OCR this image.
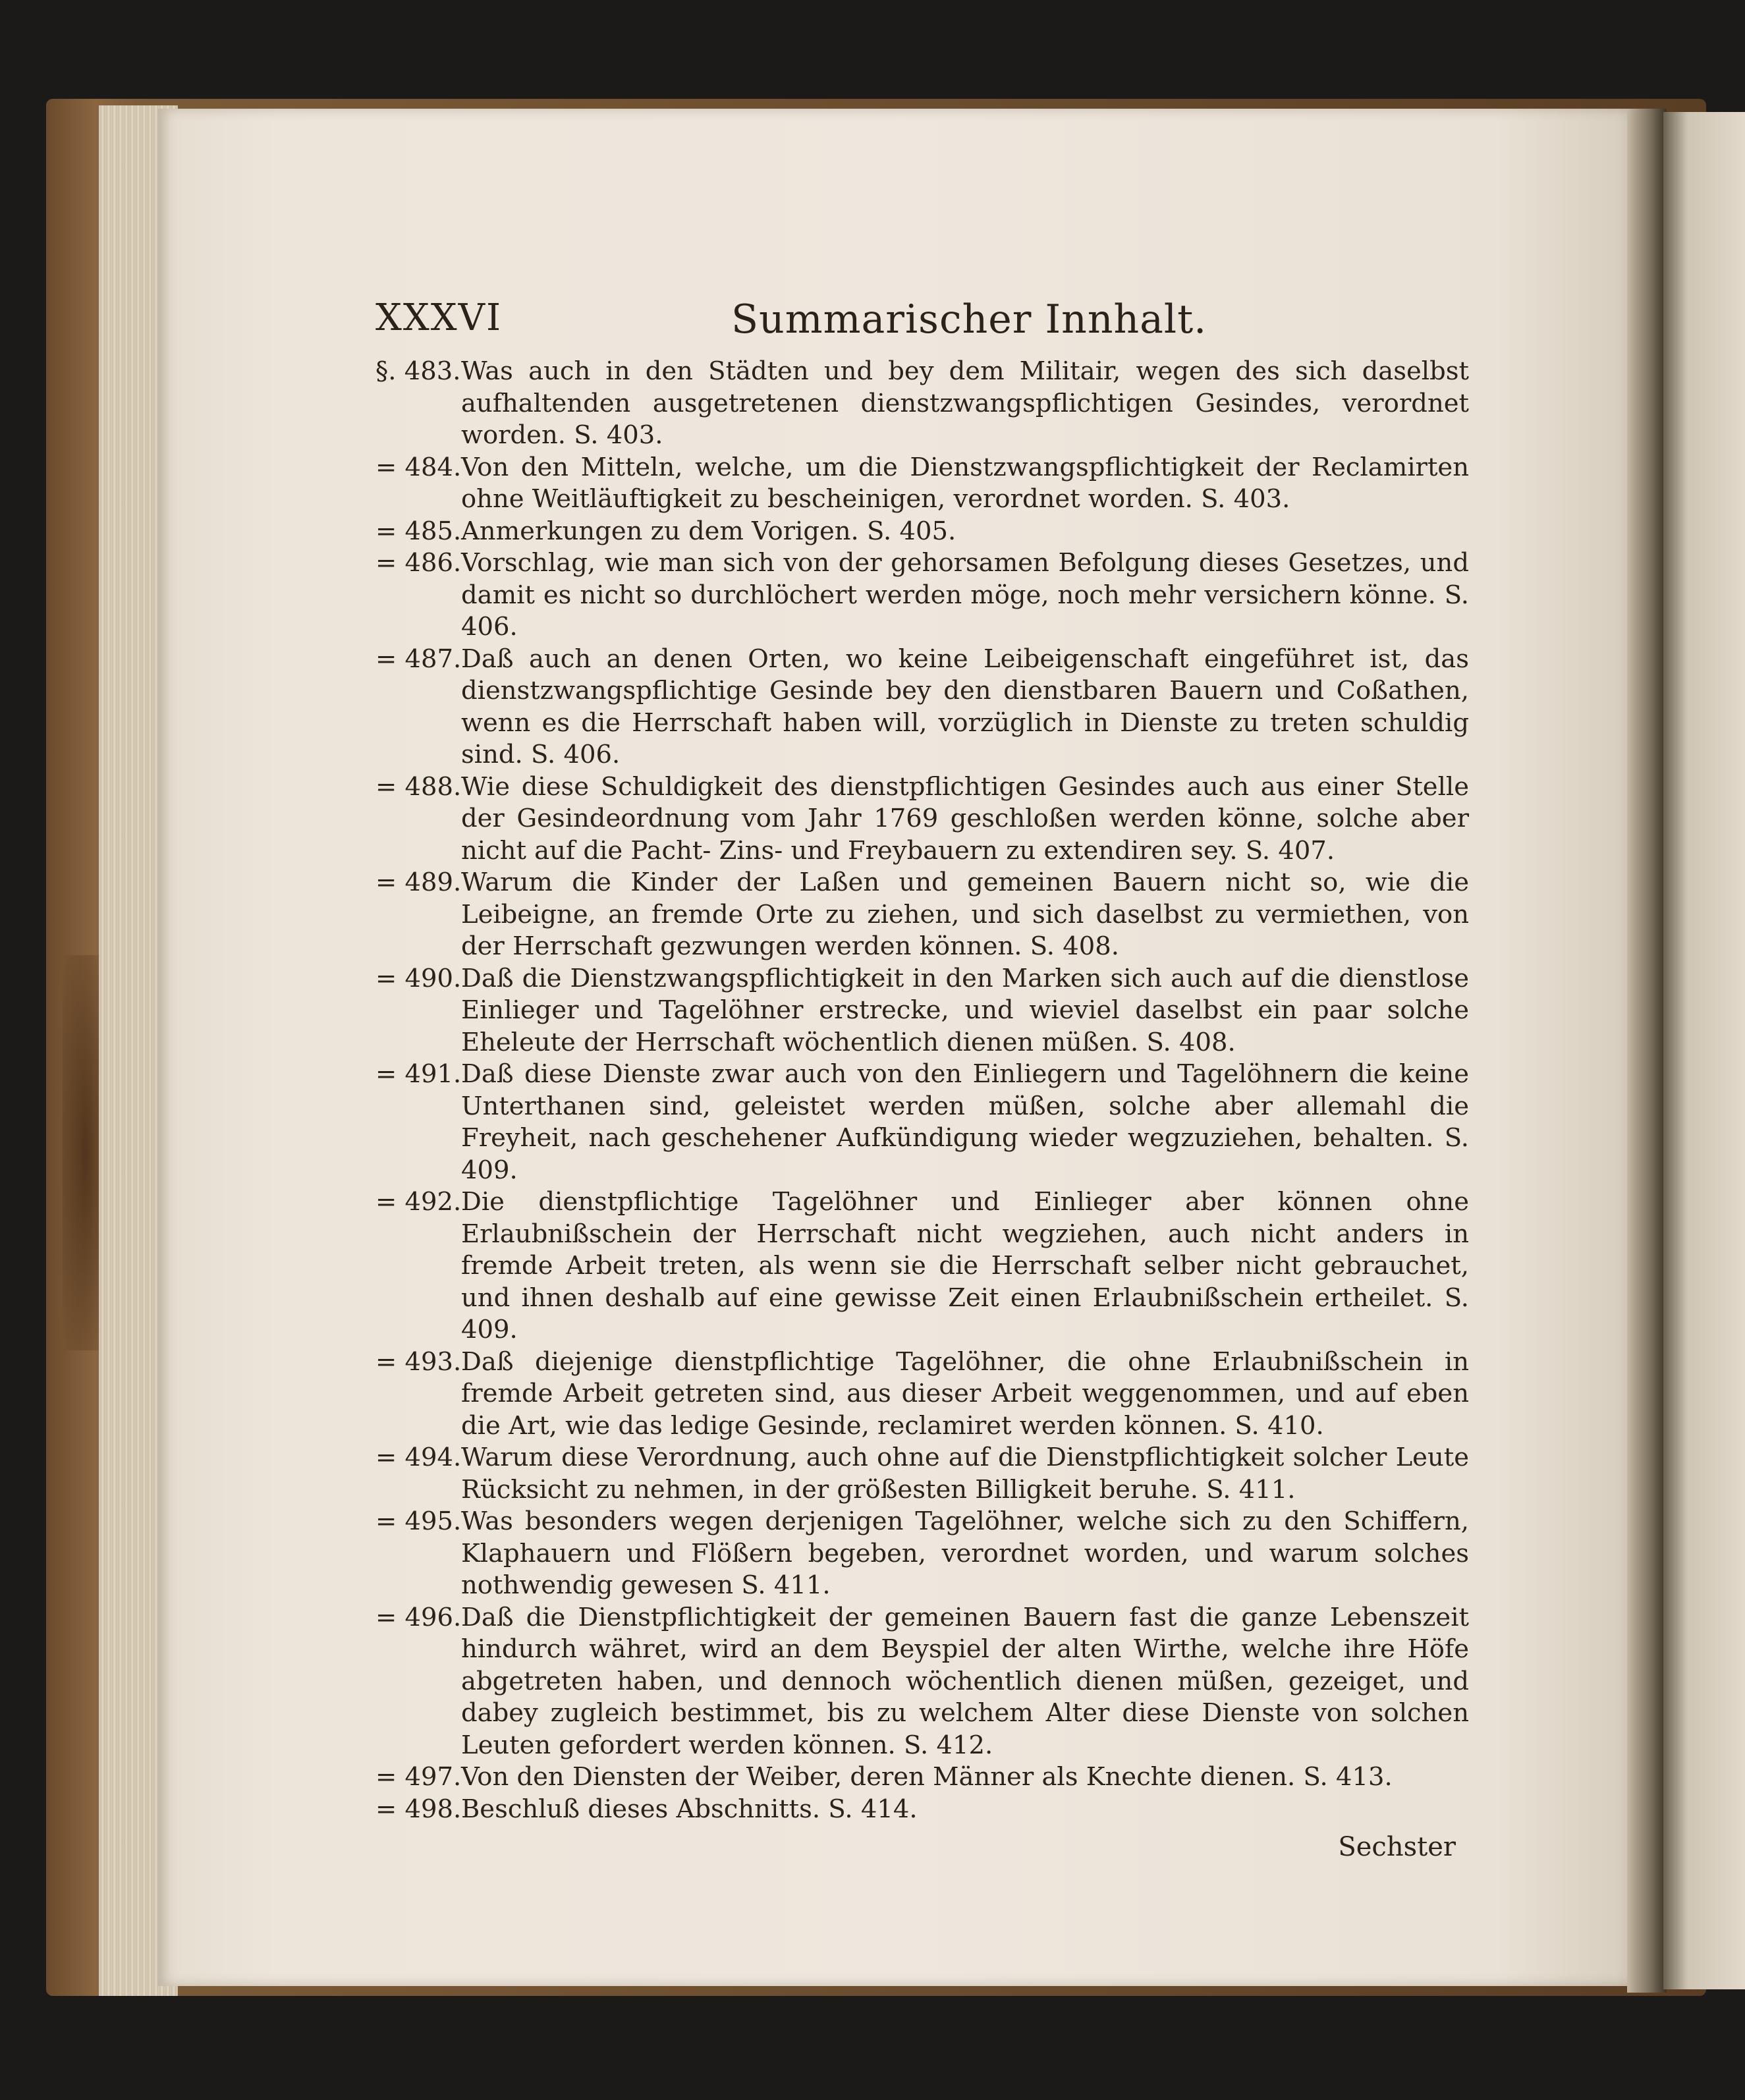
XXXVI	Summarischer Innhalt.
§. 483. Was auch in den Städten und bey dem Militair, wegen des sich daselbst aufhaltenden ausgetretenen dienstzwangspflichtigen Gesindes, verordnet worden. S. 403.
= 484. Von den Mitteln, welche, um die Dienstzwangspflichtigkeit der Reclamirten ohne Weitläuftigkeit zu bescheinigen, verordnet worden. S. 403.
= 485. Anmerkungen zu dem Vorigen. S. 405.
= 486. Vorschlag, wie man sich von der gehorsamen Befolgung dieses Gesetzes, und damit es nicht so durchlöchert werden möge, noch mehr versichern könne. S. 406.
= 487. Daß auch an denen Orten, wo keine Leibeigenschaft eingeführet ist, das dienstzwangspflichtige Gesinde bey den dienstbaren Bauern und Coßathen, wenn es die Herrschaft haben will, vorzüglich in Dienste zu treten schuldig sind. S. 406.
= 488. Wie diese Schuldigkeit des dienstpflichtigen Gesindes auch aus einer Stelle der Gesindeordnung vom Jahr 1769 geschloßen werden könne, solche aber nicht auf die Pacht- Zins- und Freybauern zu extendiren sey. S. 407.
= 489. Warum die Kinder der Laßen und gemeinen Bauern nicht so, wie die Leibeigne, an fremde Orte zu ziehen, und sich daselbst zu vermiethen, von der Herrschaft gezwungen werden können. S. 408.
= 490. Daß die Dienstzwangspflichtigkeit in den Marken sich auch auf die dienstlose Einlieger und Tagelöhner erstrecke, und wieviel daselbst ein paar solche Eheleute der Herrschaft wöchentlich dienen müßen. S. 408.
= 491. Daß diese Dienste zwar auch von den Einliegern und Tagelöhnern die keine Unterthanen sind, geleistet werden müßen, solche aber allemahl die Freyheit, nach geschehener Aufkündigung wieder wegzuziehen, behalten. S. 409.
= 492. Die dienstpflichtige Tagelöhner und Einlieger aber können ohne Erlaubnißschein der Herrschaft nicht wegziehen, auch nicht anders in fremde Arbeit treten, als wenn sie die Herrschaft selber nicht gebrauchet, und ihnen deshalb auf eine gewisse Zeit einen Erlaubnißschein ertheilet. S. 409.
= 493. Daß diejenige dienstpflichtige Tagelöhner, die ohne Erlaubnißschein in fremde Arbeit getreten sind, aus dieser Arbeit weggenommen, und auf eben die Art, wie das ledige Gesinde, reclamiret werden können. S. 410.
= 494. Warum diese Verordnung, auch ohne auf die Dienstpflichtigkeit solcher Leute Rücksicht zu nehmen, in der größesten Billigkeit beruhe. S. 411.
= 495. Was besonders wegen derjenigen Tagelöhner, welche sich zu den Schiffern, Klaphauern und Flößern begeben, verordnet worden, und warum solches nothwendig gewesen S. 411.
= 496. Daß die Dienstpflichtigkeit der gemeinen Bauern fast die ganze Lebenszeit hindurch währet, wird an dem Beyspiel der alten Wirthe, welche ihre Höfe abgetreten haben, und dennoch wöchentlich dienen müßen, gezeiget, und dabey zugleich bestimmet, bis zu welchem Alter diese Dienste von solchen Leuten gefordert werden können. S. 412.
= 497. Von den Diensten der Weiber, deren Männer als Knechte dienen. S. 413.
= 498. Beschluß dieses Abschnitts. S. 414.
Sechster
